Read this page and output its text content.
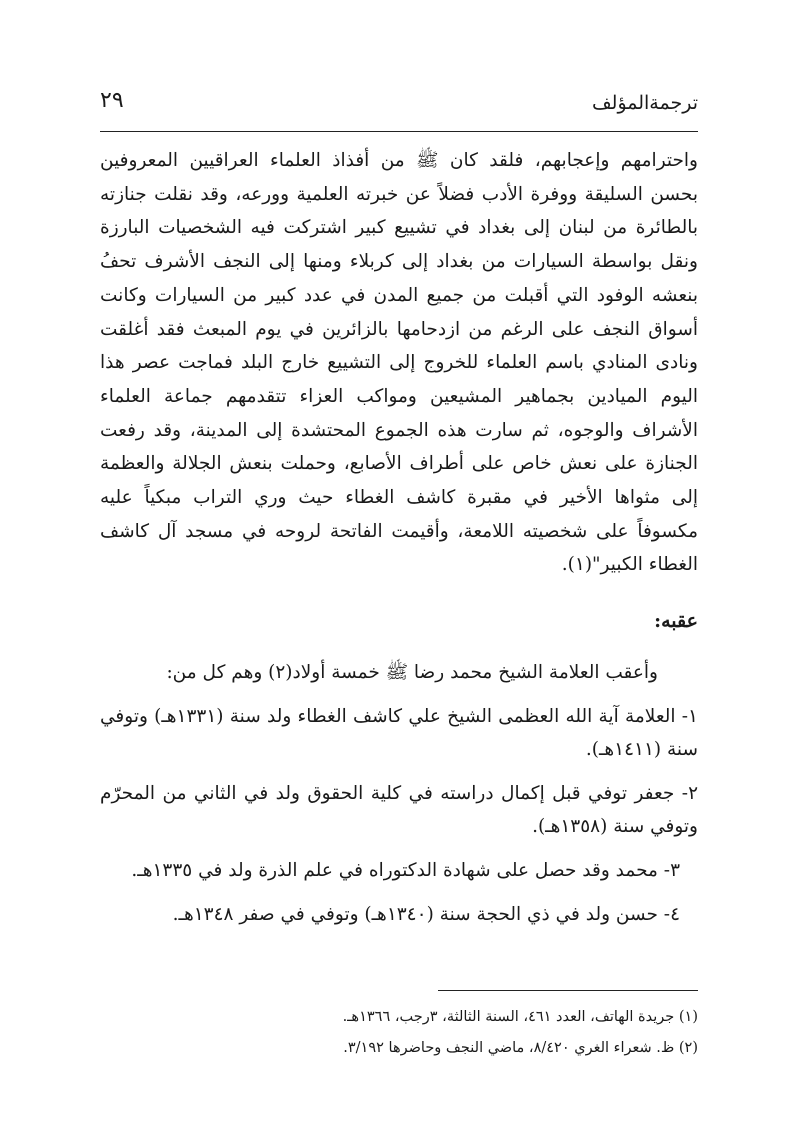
ترجمةالمؤلف
٢٩

واحترامهم وإعجابهم، فلقد كان ﷺ من أفذاذ العلماء العراقيين المعروفين بحسن السليقة ووفرة الأدب فضلاً عن خبرته العلمية وورعه، وقد نقلت جنازته بالطائرة من لبنان إلى بغداد في تشييع كبير اشتركت فيه الشخصيات البارزة ونقل بواسطة السيارات من بغداد إلى كربلاء ومنها إلى النجف الأشرف تحفُ بنعشه الوفود التي أقبلت من جميع المدن في عدد كبير من السيارات وكانت أسواق النجف على الرغم من ازدحامها بالزائرين في يوم المبعث فقد أغلقت ونادى المنادي باسم العلماء للخروج إلى التشييع خارج البلد فماجت عصر هذا اليوم الميادين بجماهير المشيعين ومواكب العزاء تتقدمهم جماعة العلماء الأشراف والوجوه، ثم سارت هذه الجموع المحتشدة إلى المدينة، وقد رفعت الجنازة على نعش خاص على أطراف الأصابع، وحملت بنعش الجلالة والعظمة إلى مثواها الأخير في مقبرة كاشف الغطاء حيث وري التراب مبكياً عليه مكسوفاً على شخصيته اللامعة، وأقيمت الفاتحة لروحه في مسجد آل كاشف الغطاء الكبير"(١).

عقبه:

وأعقب العلامة الشيخ محمد رضا ﷺ خمسة أولاد(٢) وهم كل من:

١- العلامة آية الله العظمى الشيخ علي كاشف الغطاء ولد سنة (١٣٣١هـ) وتوفي سنة (١٤١١هـ).

٢- جعفر توفي قبل إكمال دراسته في كلية الحقوق ولد في الثاني من المحرّم وتوفي سنة (١٣٥٨هـ).

٣- محمد وقد حصل على شهادة الدكتوراه في علم الذرة ولد في ١٣٣٥هـ.

٤- حسن ولد في ذي الحجة سنة (١٣٤٠هـ) وتوفي في صفر ١٣٤٨هـ.

(١) جريدة الهاتف، العدد ٤٦١، السنة الثالثة، ٣رجب، ١٣٦٦هـ.

(٢) ظ. شعراء الغري ٨/٤٢٠، ماضي النجف وحاضرها ٣/١٩٢.
